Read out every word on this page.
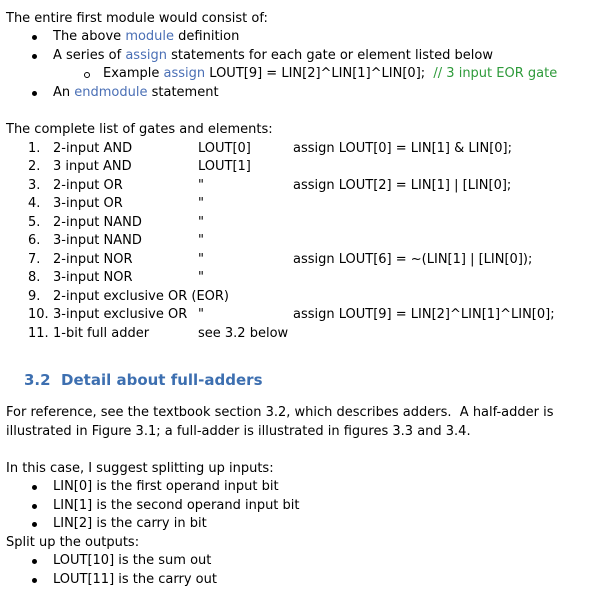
The entire first module would consist of:
The above module definition
A series of assign statements for each gate or element listed below
Example assign LOUT[9] = LIN[2]^LIN[1]^LIN[0];  // 3 input EOR gate
An endmodule statement
The complete list of gates and elements:
1. 2-input AND	LOUT[0]	assign LOUT[0] = LIN[1] & LIN[0];
2. 3 input AND	LOUT[1]
3. 2-input OR	"	assign LOUT[2] = LIN[1] | [LIN[0];
4. 3-input OR	"
5. 2-input NAND	"
6. 3-input NAND	"
7. 2-input NOR	"	assign LOUT[6] = ~(LIN[1] | [LIN[0]);
8. 3-input NOR	"
9. 2-input exclusive OR (EOR)
10. 3-input exclusive OR "	assign LOUT[9] = LIN[2]^LIN[1]^LIN[0];
11. 1-bit full adder	see 3.2 below
3.2 Detail about full-adders
For reference, see the textbook section 3.2, which describes adders.  A half-adder is
illustrated in Figure 3.1; a full-adder is illustrated in figures 3.3 and 3.4.
In this case, I suggest splitting up inputs:
LIN[0] is the first operand input bit
LIN[1] is the second operand input bit
LIN[2] is the carry in bit
Split up the outputs:
LOUT[10] is the sum out
LOUT[11] is the carry out
